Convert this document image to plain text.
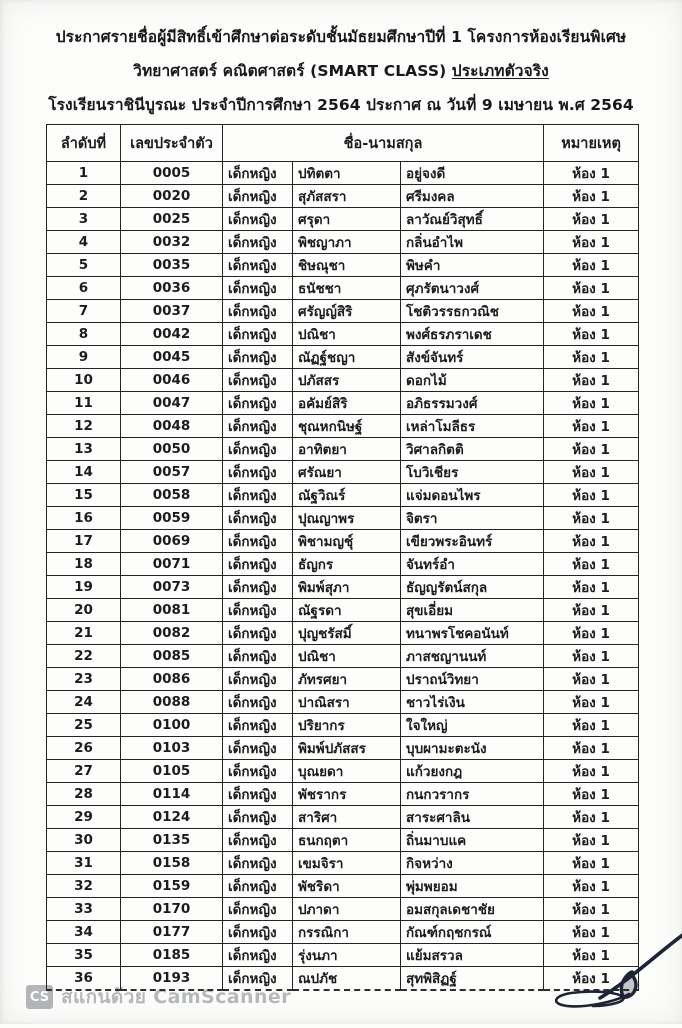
ประกาศรายชื่อผู้มีสิทธิ์เข้าศึกษาต่อระดับชั้นมัธยมศึกษาปีที่ 1 โครงการห้องเรียนพิเศษ
วิทยาศาสตร์ คณิตศาสตร์ (SMART CLASS) ประเภทตัวจริง
โรงเรียนราชินีบูรณะ ประจำปีการศึกษา 2564 ประกาศ ณ วันที่ 9 เมษายน พ.ศ 2564
ลำดับที่	เลขประจำตัว	ชื่อ-นามสกุล			หมายเหตุ
1	0005	เด็กหญิง	ปทิตตา	อยู่จงดี	ห้อง 1
2	0020	เด็กหญิง	สุภัสสรา	ศรีมงคล	ห้อง 1
3	0025	เด็กหญิง	ศรุดา	ลาวัณย์วิสุทธิ์	ห้อง 1
4	0032	เด็กหญิง	พิชญาภา	กลิ่นอำไพ	ห้อง 1
5	0035	เด็กหญิง	ชิษณุชา	พิษคำ	ห้อง 1
6	0036	เด็กหญิง	ธนัชชา	ศุภรัตนาวงศ์	ห้อง 1
7	0037	เด็กหญิง	ศรัญญ์สิริ	โชติวรรธกวณิช	ห้อง 1
8	0042	เด็กหญิง	ปณิชา	พงศ์ธรภราเดช	ห้อง 1
9	0045	เด็กหญิง	ณัฏฐ์ชญา	สังข์จันทร์	ห้อง 1
10	0046	เด็กหญิง	ปภัสสร	ดอกไม้	ห้อง 1
11	0047	เด็กหญิง	อคัมย์สิริ	อภิธรรมวงศ์	ห้อง 1
12	0048	เด็กหญิง	ชุณหกนิษฐ์	เหล่าโมลีธร	ห้อง 1
13	0050	เด็กหญิง	อาทิตยา	วิศาลกิตติ	ห้อง 1
14	0057	เด็กหญิง	ศรัณยา	โบวิเชียร	ห้อง 1
15	0058	เด็กหญิง	ณัฐวิณร์	แจ่มดอนไพร	ห้อง 1
16	0059	เด็กหญิง	ปุณญาพร	จิตรา	ห้อง 1
17	0069	เด็กหญิง	พิชามญชุ์	เขียวพระอินทร์	ห้อง 1
18	0071	เด็กหญิง	ธัญกร	จันทร์อำ	ห้อง 1
19	0073	เด็กหญิง	พิมพ์สุภา	ธัญญรัตน์สกุล	ห้อง 1
20	0081	เด็กหญิง	ณัฐรดา	สุขเอี่ยม	ห้อง 1
21	0082	เด็กหญิง	ปุญชรัสมิ์	ทนาพรโชคอนันท์	ห้อง 1
22	0085	เด็กหญิง	ปณิชา	ภาสชญานนท์	ห้อง 1
23	0086	เด็กหญิง	ภัทรศยา	ปราถน์วิทยา	ห้อง 1
24	0088	เด็กหญิง	ปาณิสรา	ชาวไร่เงิน	ห้อง 1
25	0100	เด็กหญิง	ปริยากร	ใจใหญ่	ห้อง 1
26	0103	เด็กหญิง	พิมพ์ปภัสสร	บุบผามะตะนัง	ห้อง 1
27	0105	เด็กหญิง	บุณยดา	แก้วยงกฎ	ห้อง 1
28	0114	เด็กหญิง	พัชรากร	กนกวรากร	ห้อง 1
29	0124	เด็กหญิง	สาริศา	สาระศาลิน	ห้อง 1
30	0135	เด็กหญิง	ธนกฤตา	ถิ่นมาบแค	ห้อง 1
31	0158	เด็กหญิง	เขมจิรา	กิจหว่าง	ห้อง 1
32	0159	เด็กหญิง	พัชริดา	พุ่มพยอม	ห้อง 1
33	0170	เด็กหญิง	ปภาดา	อมสกุลเดชาชัย	ห้อง 1
34	0177	เด็กหญิง	กรรณิกา	กัณฑ์กฤชกรณ์	ห้อง 1
35	0185	เด็กหญิง	รุ่งนภา	แย้มสรวล	ห้อง 1
36	0193	เด็กหญิง	ณปภัช	สุทพิสิฏฐ์	ห้อง 1
CS สแกนด้วย CamScanner
